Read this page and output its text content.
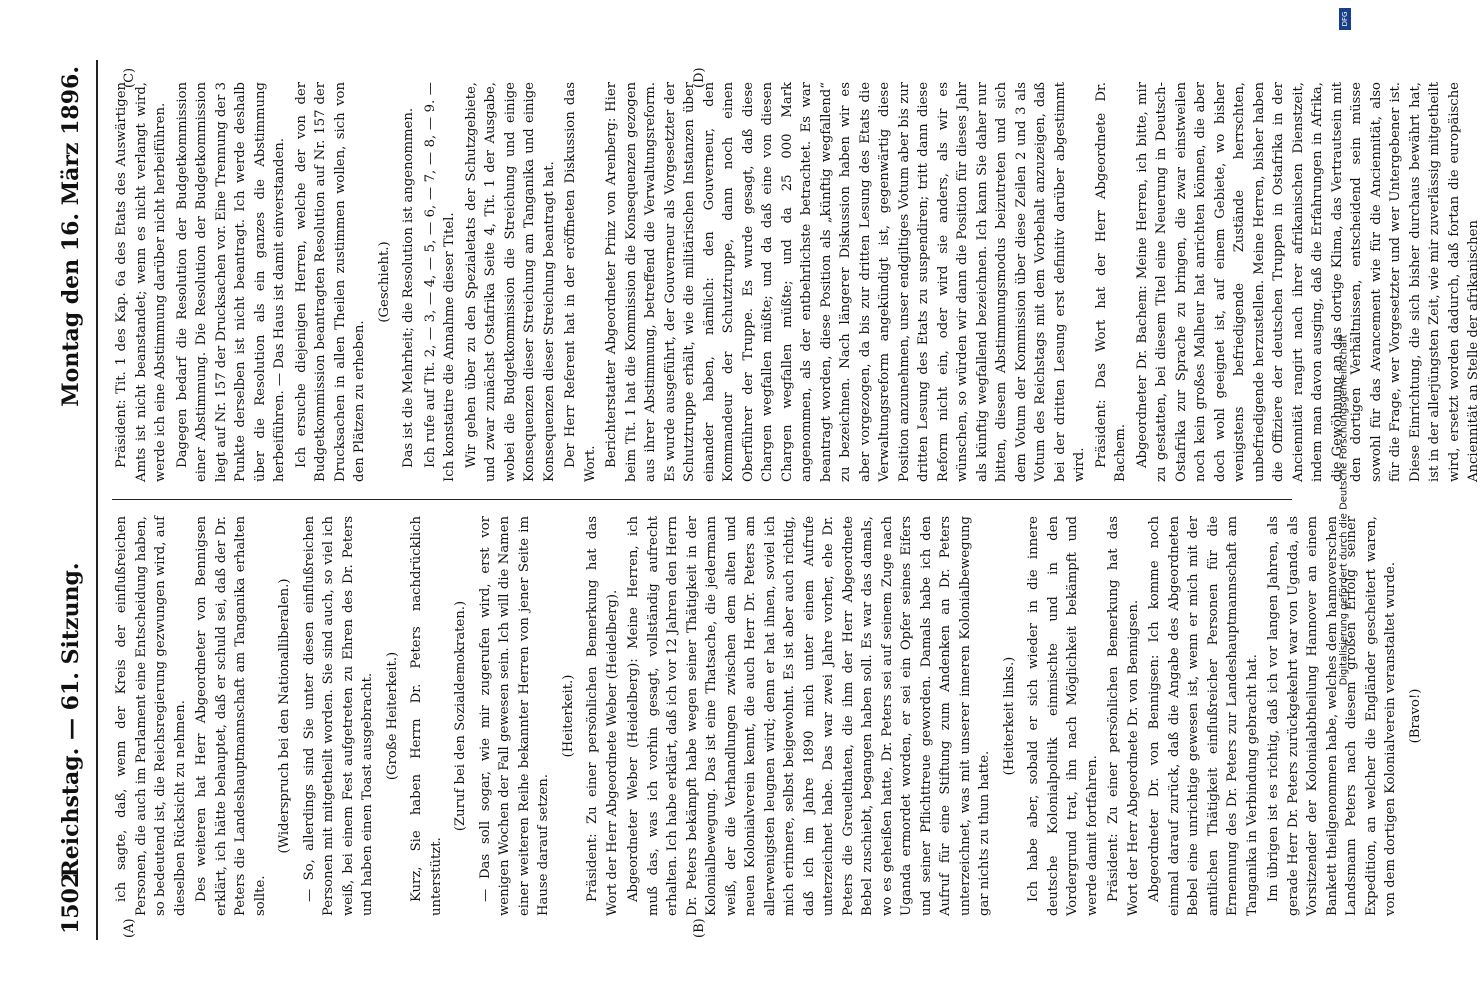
1502
Reichstag. — 61. Sitzung.
Montag den 16. März 1896.

ich sagte, daß, wenn der Kreis der einflußreichen Personen, die auch im Parlament eine Entscheidung haben, so bedeutend ist, die Reichsregierung gezwungen wird, auf dieselben Rücksicht zu nehmen. Des weiteren hat Herr Abgeordneter von Bennigsen erklärt, ich hätte behauptet, daß er schuld sei, daß der Dr. Peters die Landeshauptmannschaft am Tanganika erhalten sollte.

(Widerspruch bei den Nationalliberalen.) — So, allerdings sind Sie unter diesen einflußreichen Personen mit mitgetheilt worden. Sie sind auch, so viel ich weiß, bei einem Fest aufgetreten zu Ehren des Dr. Peters und haben einen Toast ausgebracht. (Große Heiterkeit.) Kurz, Sie haben Herrn Dr. Peters nachdrücklich unterstützt.

(Zuruf bei den Sozialdemokraten.) — Das soll sogar, wie mir zugerufen wird, erst vor wenigen Wochen der Fall gewesen sein. Ich will die Namen einer weiteren Reihe bekannter Herren von jener Seite im Hause darauf setzen.

(Heiterkeit.) Präsident: Zu einer persönlichen Bemerkung hat das Wort der Herr Abgeordnete Weber (Heidelberg). Abgeordneter Weber (Heidelberg): Meine Herren, ich muß das, was ich vorhin gesagt, vollständig aufrecht erhalten. Ich habe erklärt, daß ich vor 12 Jahren den Herrn Dr. Peters bekämpft habe wegen seiner Thätigkeit in der Kolonialbewegung. Das ist eine Thatsache, die jedermann weiß, der die Verhandlungen zwischen dem alten und neuen Kolonialverein kennt, die auch Herr Dr. Peters am allerwenigsten leugnen wird; denn er hat ihnen, soviel ich mich erinnere, selbst beigewohnt. Es ist aber auch richtig, daß ich im Jahre 1890 mich unter einem Aufrufe unterzeichnet habe. Das war zwei Jahre vorher, ehe Dr. Peters die Greuelthaten, die ihm der Herr Abgeordnete Bebel zuschiebt, begangen haben soll. Es war das damals, wo es geheißen hatte, Dr. Peters sei auf seinem Zuge nach Uganda ermordet worden, er sei ein Opfer seines Eifers und seiner Pflichttreue geworden. Damals habe ich den Aufruf für eine Stiftung zum Andenken an Dr. Peters unterzeichnet, was mit unserer inneren Kolonialbewegung gar nichts zu thun hatte.

(Heiterkeit links.) Ich habe aber, sobald er sich wieder in die innere deutsche Kolonialpolitik einmischte und in den Vordergrund trat, ihn nach Möglichkeit bekämpft und werde damit fortfahren. Präsident: Zu einer persönlichen Bemerkung hat das Wort der Herr Abgeordnete Dr. von Bennigsen. Abgeordneter Dr. von Bennigsen: Ich komme noch einmal darauf zurück, daß die Angabe des Abgeordneten Bebel eine unrichtige gewesen ist, wenn er mich mit der amtlichen Thätigkeit einflußreicher Personen für die Ernennung des Dr. Peters zur Landeshauptmannschaft am Tanganika in Verbindung gebracht hat. Im übrigen ist es richtig, daß ich vor langen Jahren, als gerade Herr Dr. Peters zurückgekehrt war von Uganda, als Vorsitzender der Kolonialabtheilung Hannover an einem Bankett theilgenommen habe, welches dem hannoverschen Landsmann Peters nach diesem großen Erfolg seiner Expedition, an welcher die Engländer gescheitert waren, von dem dortigen Kolonialverein veranstaltet wurde. (Bravo!)

Präsident: Tit. 1 des Kap. 6a des Etats des Auswärtigen Amts ist nicht beanstandet; wenn es nicht verlangt wird, werde ich eine Abstimmung darüber nicht herbeiführen. Dagegen bedarf die Resolution der Budgetkommission einer Abstimmung. Die Resolution der Budgetkommission liegt auf Nr. 157 der Drucksachen vor. Eine Trennung der 3 Punkte derselben ist nicht beantragt. Ich werde deshalb über die Resolution als ein ganzes die Abstimmung herbeiführen. — Das Haus ist damit einverstanden. Ich ersuche diejenigen Herren, welche der von der Budgetkommission beantragten Resolution auf Nr. 157 der Drucksachen in allen Theilen zustimmen wollen, sich von den Plätzen zu erheben.

(Geschieht.) Das ist die Mehrheit; die Resolution ist angenommen. Ich rufe auf Tit. 2, — 3, — 4, — 5, — 6, — 7, — 8, — 9. — Ich konstatire die Annahme dieser Titel. Wir gehen über zu den Spezialetats der Schutzgebiete, und zwar zunächst Ostafrika Seite 4, Tit. 1 der Ausgabe, wobei die Budgetkommission die Streichung und einige Konsequenzen dieser Streichung am Tanganika und einige Konsequenzen dieser Streichung beantragt hat. Der Herr Referent hat in der eröffneten Diskussion das Wort. Berichterstatter Abgeordneter Prinz von Arenberg: Hier beim Tit. 1 hat die Kommission die Konsequenzen gezogen aus ihrer Abstimmung, betreffend die Verwaltungsreform. Es wurde ausgeführt, der Gouverneur als Vorgesetzter der Schutztruppe erhält, wie die militärischen Instanzen über einander haben, nämlich: den Gouverneur, den Kommandeur der Schutztruppe, dann noch einen Oberführer der Truppe. Es wurde gesagt, daß diese Chargen wegfallen müßte; und da daß eine von diesen Chargen wegfallen müßte; und da 25 000 Mark angenommen, als der entbehrlichste betrachtet. Es war beantragt worden, diese Position als „künftig wegfallend“ zu bezeichnen. Nach längerer Diskussion haben wir es aber vorgezogen, da bis zur dritten Lesung des Etats die Verwaltungsreform angekündigt ist, gegenwärtig diese Position anzunehmen, unser endgiltiges Votum aber bis zur dritten Lesung des Etats zu suspendiren; tritt dann diese Reform nicht ein, oder wird sie anders, als wir es wünschen, so würden wir dann die Position für dieses Jahr als künftig wegfallend bezeichnen. Ich kann Sie daher nur bitten, diesem Abstimmungsmodus beizutreten und sich dem Votum der Kommission über diese Zeilen 2 und 3 als Votum des Reichstags mit dem Vorbehalt anzuzeigen, daß bei der dritten Lesung erst definitiv darüber abgestimmt wird. Präsident: Das Wort hat der Herr Abgeordnete Dr. Bachem. Abgeordneter Dr. Bachem: Meine Herren, ich bitte, mir zu gestatten, bei diesem Titel eine Neuerung in Deutsch-Ostafrika zur Sprache zu bringen, die zwar einstweilen noch kein großes Malheur hat anrichten können, die aber doch wohl geeignet ist, auf einem Gebiete, wo bisher wenigstens befriedigende Zustände herrschten, unbefriedigende herzustellen. Meine Herren, bisher haben die Offiziere der deutschen Truppen in Ostafrika in der Anciennität rangirt nach ihrer afrikanischen Dienstzeit, indem man davon ausging, daß die Erfahrungen in Afrika, die Gewöhnung an das dortige Klima, das Vertrautsein mit den dortigen Verhältnissen, entscheidend sein müsse sowohl für das Avancement wie für die Anciennität, also für die Frage, wer Vorgesetzter und wer Untergebener ist. Diese Einrichtung, die sich bisher durchaus bewährt hat, ist in der allerjüngsten Zeit, wie mir zuverlässig mitgetheilt wird, ersetzt worden dadurch, daß fortan die europäische Anciennität an Stelle der afrikanischen

(A)	(B)
(C)	(D)
DFG
Digitalisierung gefördert durch die Deutsche Forschungsgemeinschaft
